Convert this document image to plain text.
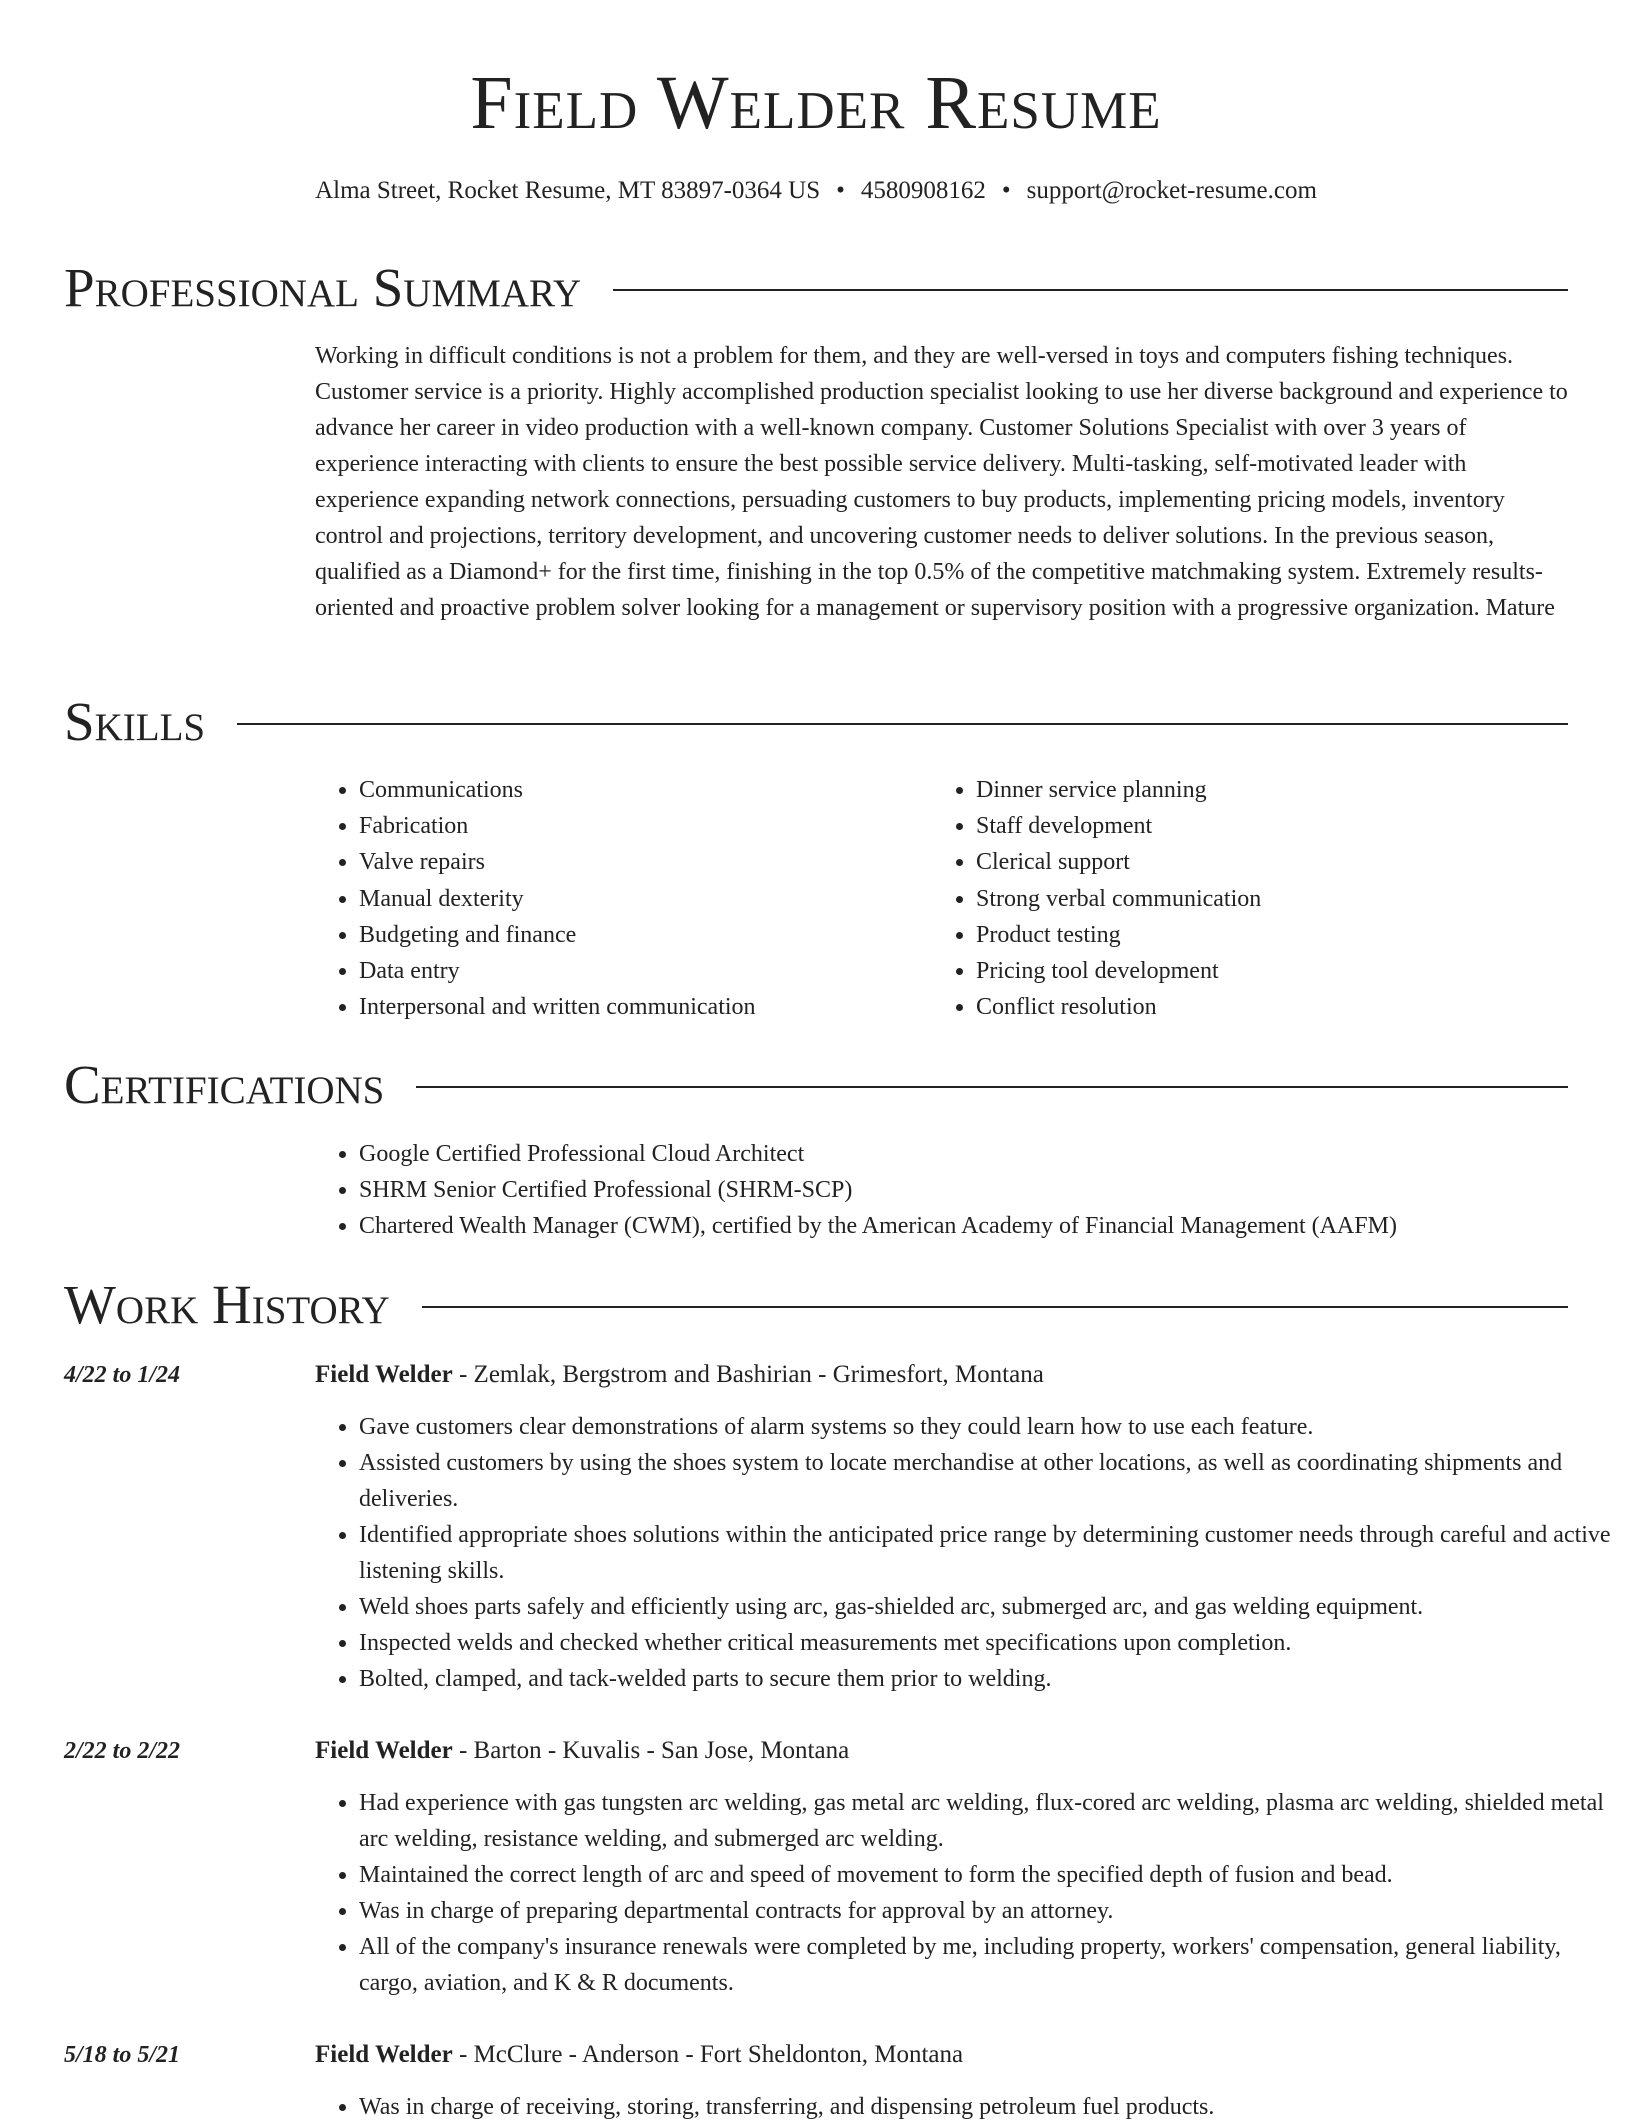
Field Welder Resume
Alma Street, Rocket Resume, MT 83897-0364 US • 4580908162 • support@rocket-resume.com
Professional Summary

Working in difficult conditions is not a problem for them, and they are well-versed in toys and computers fishing techniques. Customer service is a priority. Highly accomplished production specialist looking to use her diverse background and experience to advance her career in video production with a well-known company. Customer Solutions Specialist with over 3 years of experience interacting with clients to ensure the best possible service delivery. Multi-tasking, self-motivated leader with experience expanding network connections, persuading customers to buy products, implementing pricing models, inventory control and projections, territory development, and uncovering customer needs to deliver solutions. In the previous season, qualified as a Diamond+ for the first time, finishing in the top 0.5% of the competitive matchmaking system. Extremely results-oriented and proactive problem solver looking for a management or supervisory position with a progressive organization. Mature

Skills
• Communications
• Fabrication
• Valve repairs
• Manual dexterity
• Budgeting and finance
• Data entry
• Interpersonal and written communication
• Dinner service planning
• Staff development
• Clerical support
• Strong verbal communication
• Product testing
• Pricing tool development
• Conflict resolution
Certifications
• Google Certified Professional Cloud Architect
• SHRM Senior Certified Professional (SHRM-SCP)
• Chartered Wealth Manager (CWM), certified by the American Academy of Financial Management (AAFM)
Work History
4/22 to 1/24	Field Welder - Zemlak, Bergstrom and Bashirian - Grimesfort, Montana
• Gave customers clear demonstrations of alarm systems so they could learn how to use each feature.
• Assisted customers by using the shoes system to locate merchandise at other locations, as well as coordinating shipments and deliveries.
• Identified appropriate shoes solutions within the anticipated price range by determining customer needs through careful and active listening skills.
• Weld shoes parts safely and efficiently using arc, gas-shielded arc, submerged arc, and gas welding equipment.
• Inspected welds and checked whether critical measurements met specifications upon completion.
• Bolted, clamped, and tack-welded parts to secure them prior to welding.
2/22 to 2/22	Field Welder - Barton - Kuvalis - San Jose, Montana
• Had experience with gas tungsten arc welding, gas metal arc welding, flux-cored arc welding, plasma arc welding, shielded metal arc welding, resistance welding, and submerged arc welding.
• Maintained the correct length of arc and speed of movement to form the specified depth of fusion and bead.
• Was in charge of preparing departmental contracts for approval by an attorney.
• All of the company's insurance renewals were completed by me, including property, workers' compensation, general liability, cargo, aviation, and K & R documents.
5/18 to 5/21	Field Welder - McClure - Anderson - Fort Sheldonton, Montana
• Was in charge of receiving, storing, transferring, and dispensing petroleum fuel products.
